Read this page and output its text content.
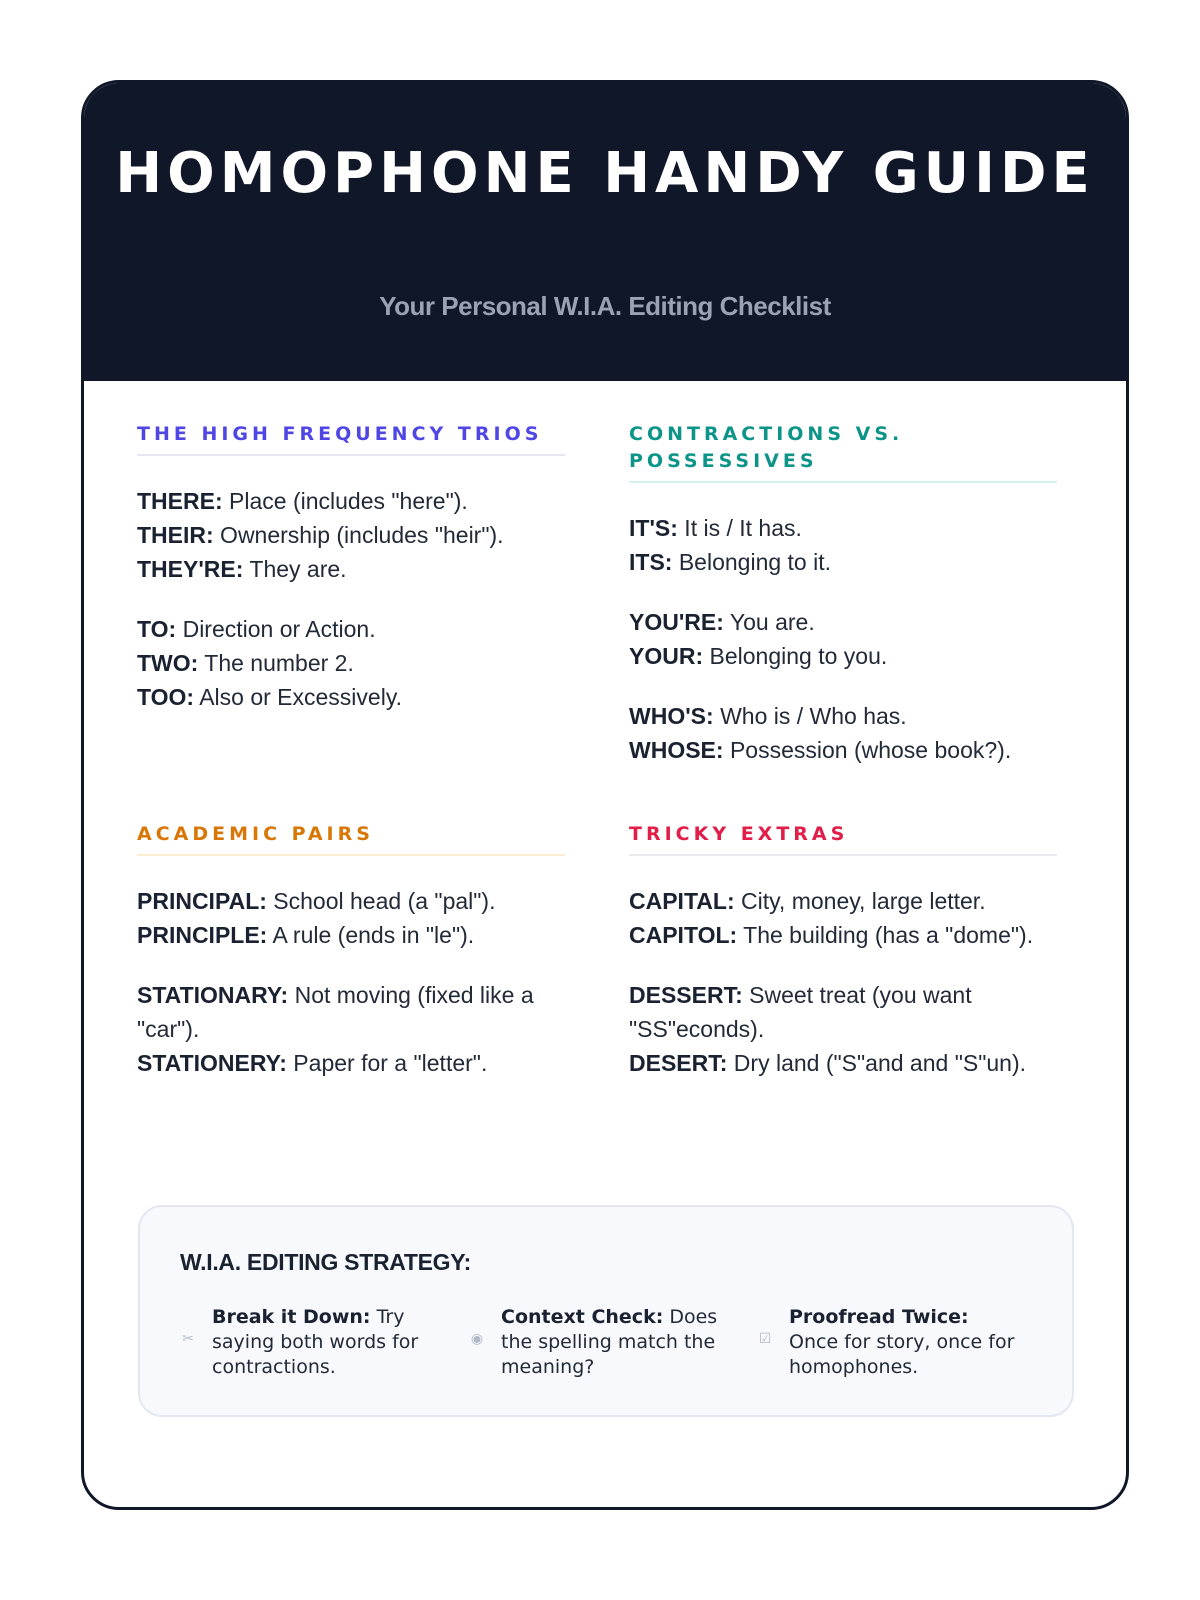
HOMOPHONE HANDY GUIDE

Your Personal W.I.A. Editing Checklist

THE HIGH FREQUENCY TRIOS

THERE: Place (includes "here").

THEIR: Ownership (includes "heir").

THEY'RE: They are.

TO: Direction or Action.

TWO: The number 2.

TOO: Also or Excessively.

CONTRACTIONS VS. POSSESSIVES

IT'S: It is / It has.

ITS: Belonging to it.

YOU'RE: You are.

YOUR: Belonging to you.

WHO'S: Who is / Who has.

WHOSE: Possession (whose book?).

ACADEMIC PAIRS

PRINCIPAL: School head (a "pal").

PRINCIPLE: A rule (ends in "le").

STATIONARY: Not moving (fixed like a "car").

STATIONERY: Paper for a "letter".

TRICKY EXTRAS

CAPITAL: City, money, large letter.

CAPITOL: The building (has a "dome").

DESSERT: Sweet treat (you want "SS"econds).

DESERT: Dry land ("S"and and "S"un).

W.I.A. EDITING STRATEGY:
✂

Break it Down: Try saying both words for contractions.

◉

Context Check: Does the spelling match the meaning?

☑

Proofread Twice: Once for story, once for homophones.
